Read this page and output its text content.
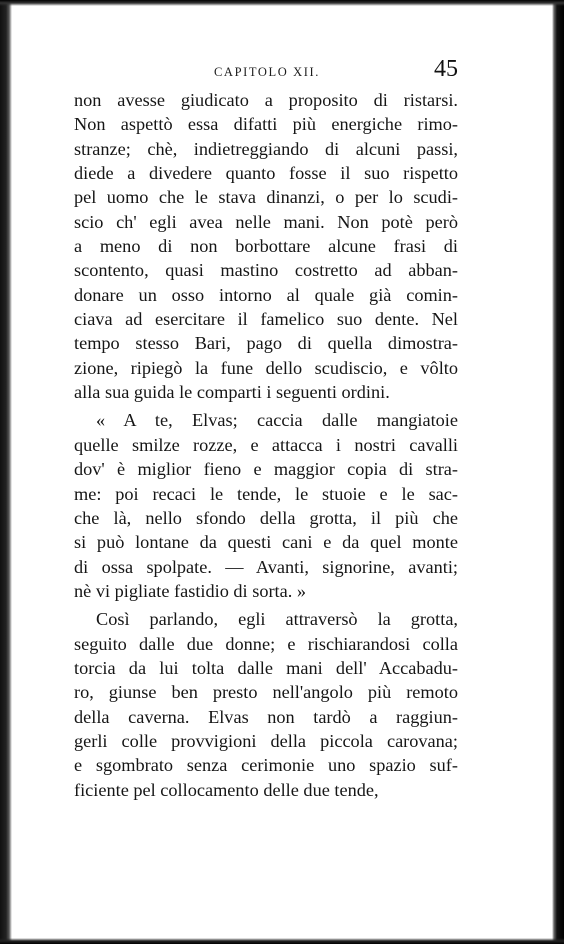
CAPITOLO XII.	45
non avesse giudicato a proposito di ristarsi.
Non aspettò essa difatti più energiche rimo-
stranze; chè, indietreggiando di alcuni passi,
diede a divedere quanto fosse il suo rispetto
pel uomo che le stava dinanzi, o per lo scudi-
scio ch' egli avea nelle mani. Non potè però
a meno di non borbottare alcune frasi di
scontento, quasi mastino costretto ad abban-
donare un osso intorno al quale già comin-
ciava ad esercitare il famelico suo dente. Nel
tempo stesso Bari, pago di quella dimostra-
zione, ripiegò la fune dello scudiscio, e vôlto
alla sua guida le comparti i seguenti ordini.
« A te, Elvas; caccia dalle mangiatoie
quelle smilze rozze, e attacca i nostri cavalli
dov' è miglior fieno e maggior copia di stra-
me: poi recaci le tende, le stuoie e le sac-
che là, nello sfondo della grotta, il più che
si può lontane da questi cani e da quel monte
di ossa spolpate. — Avanti, signorine, avanti;
nè vi pigliate fastidio di sorta. »
Così parlando, egli attraversò la grotta,
seguito dalle due donne; e rischiarandosi colla
torcia da lui tolta dalle mani dell' Accabadu-
ro, giunse ben presto nell'angolo più remoto
della caverna. Elvas non tardò a raggiun-
gerli colle provvigioni della piccola carovana;
e sgombrato senza cerimonie uno spazio suf-
ficiente pel collocamento delle due tende,
